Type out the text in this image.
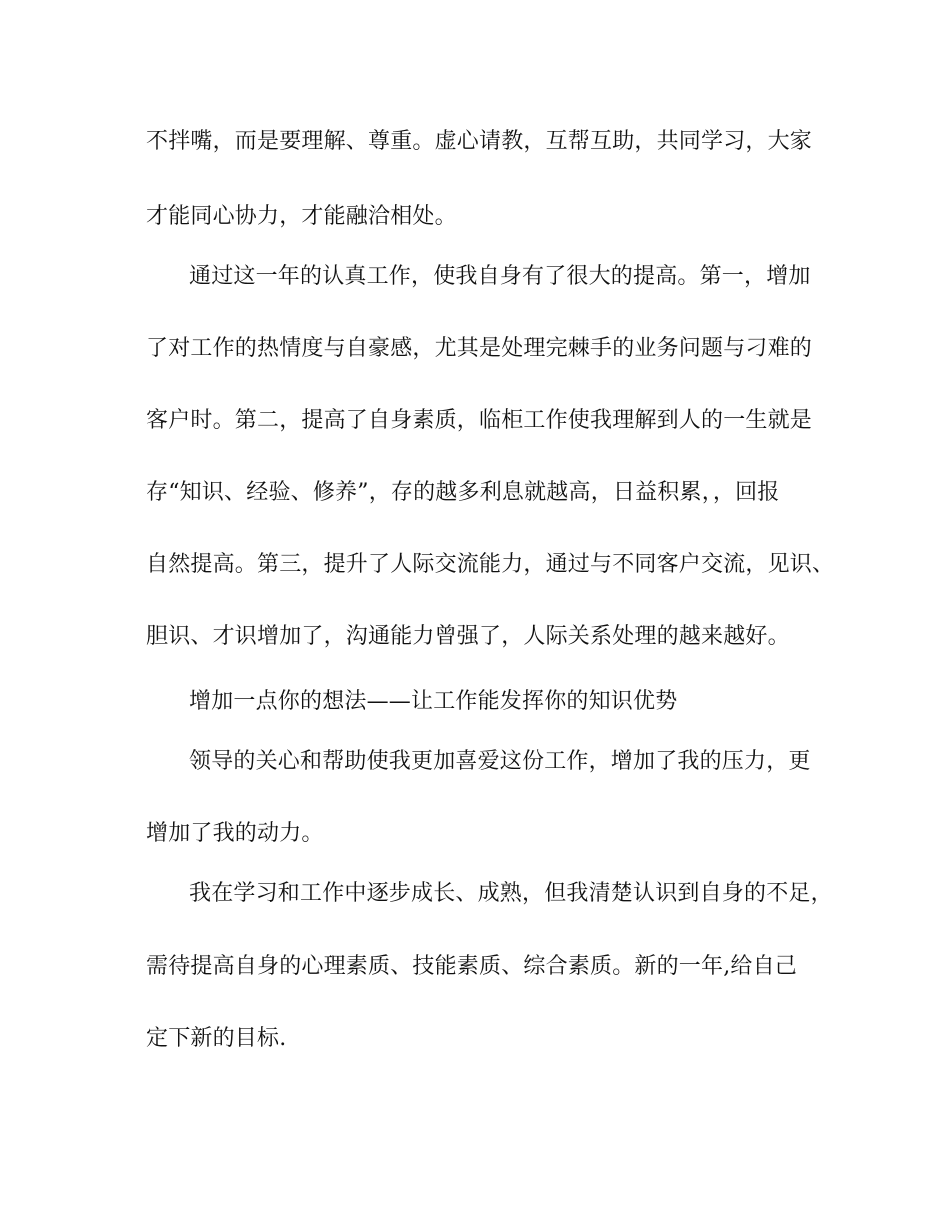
不拌嘴，而是要理解、尊重。虚心请教，互帮互助，共同学习，大家

才能同心协力，才能融洽相处。

通过这一年的认真工作，使我自身有了很大的提高。第一，增加

了对工作的热情度与自豪感，尤其是处理完棘手的业务问题与刁难的

客户时。第二，提高了自身素质，临柜工作使我理解到人的一生就是

存“知识、经验、修养”，存的越多利息就越高，日益积累，，回报

自然提高。第三，提升了人际交流能力，通过与不同客户交流，见识、

胆识、才识增加了，沟通能力曾强了，人际关系处理的越来越好。

增加一点你的想法——让工作能发挥你的知识优势

领导的关心和帮助使我更加喜爱这份工作，增加了我的压力，更

增加了我的动力。

我在学习和工作中逐步成长、成熟，但我清楚认识到自身的不足，

需待提高自身的心理素质、技能素质、综合素质。新的一年,给自己

定下新的目标.
